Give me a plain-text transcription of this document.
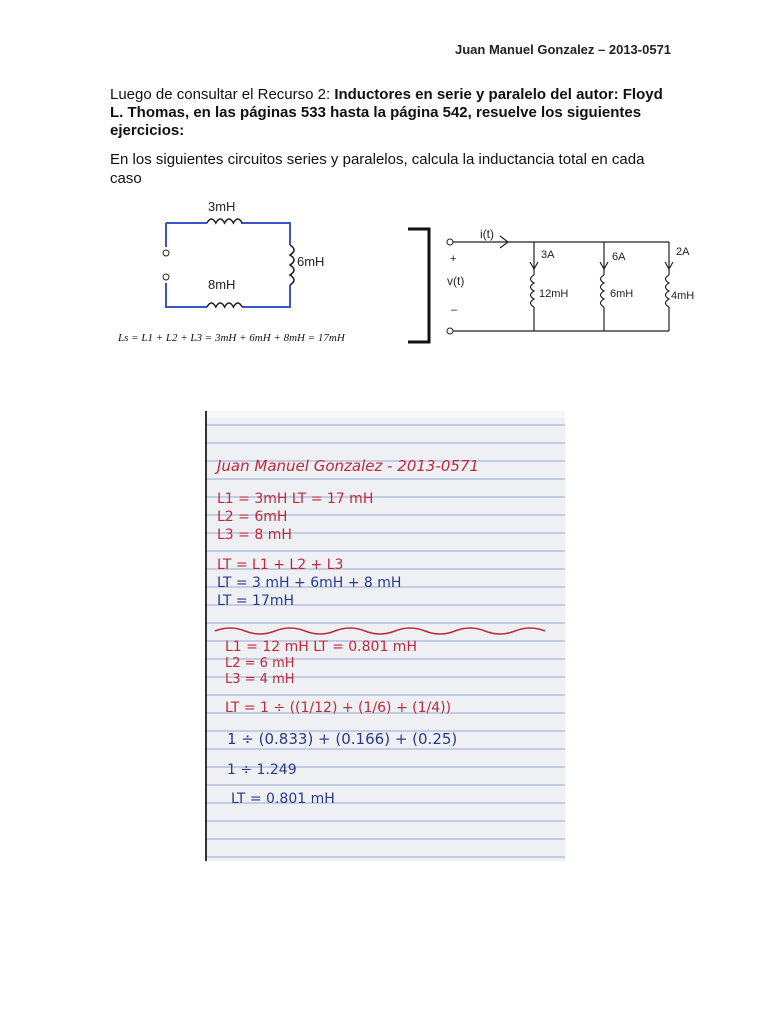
Juan Manuel Gonzalez – 2013-0571
Luego de consultar el Recurso 2: Inductores en serie y paralelo del autor: Floyd L. Thomas, en las páginas 533 hasta la página 542, resuelve los siguientes ejercicios:
En los siguientes circuitos series y paralelos, calcula la inductancia total en cada caso
3mH
6mH
8mH
Ls = L1 + L2 + L3 = 3mH + 6mH + 8mH = 17mH
i(t)
+
v(t)
–
3A	6A	2A
12mH	6mH	4mH
Juan Manuel Gonzalez - 2013-0571
L1 = 3mH LT = 17 mH
L2 = 6mH
L3 = 8 mH
LT = L1 + L2 + L3
LT = 3 mH + 6mH + 8 mH
LT = 17mH
L1 = 12 mH LT = 0.801 mH
L2 = 6 mH
L3 = 4 mH
LT = 1 ÷ ((1/12) + (1/6) + (1/4))
1 ÷ (0.833) + (0.166) + (0.25)
1 ÷ 1.249
LT = 0.801 mH
